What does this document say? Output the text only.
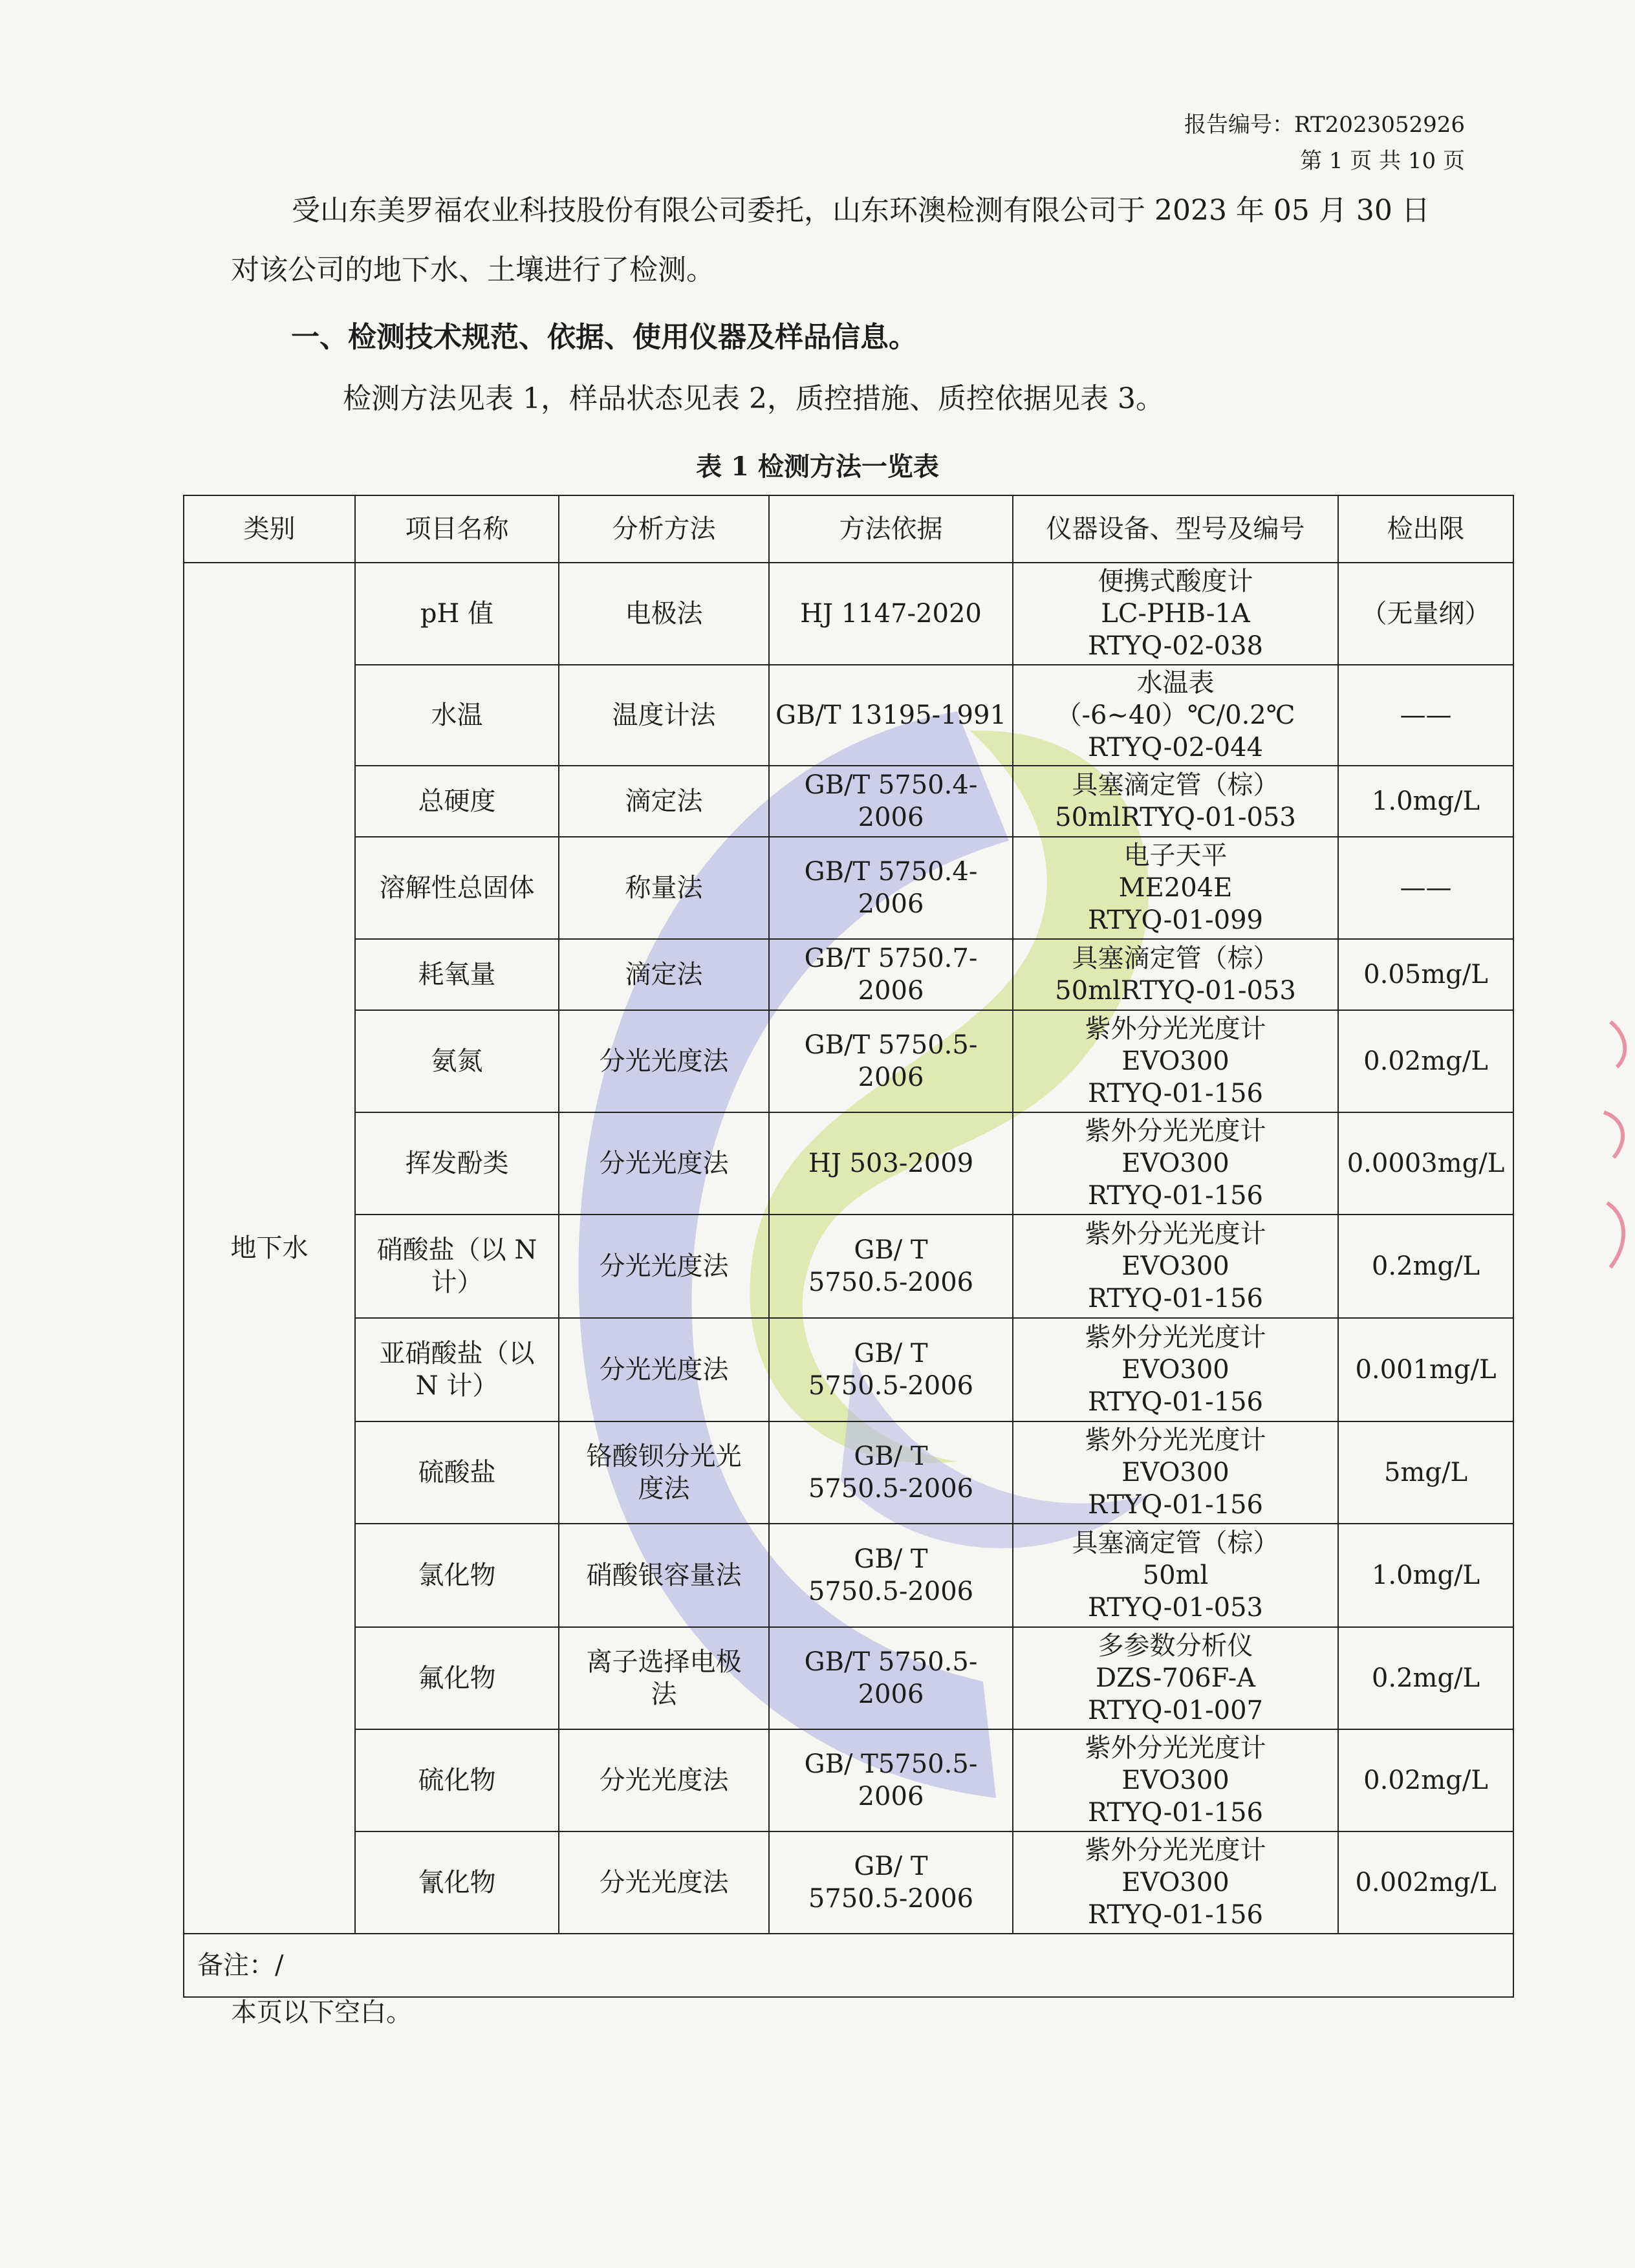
报告编号：RT2023052926
第 1 页 共 10 页
受山东美罗福农业科技股份有限公司委托，山东环澳检测有限公司于 2023 年 05 月 30 日对该公司的地下水、土壤进行了检测。
一、检测技术规范、依据、使用仪器及样品信息。
检测方法见表 1，样品状态见表 2，质控措施、质控依据见表 3。
表 1 检测方法一览表
类别	项目名称	分析方法	方法依据	仪器设备、型号及编号	检出限
地下水	pH 值	电极法	HJ 1147-2020	便携式酸度计
LC-PHB-1A
RTYQ-02-038	（无量纲）

	水温	温度计法	GB/T 13195-1991	水温表（-6~40）℃/0.2℃
RTYQ-02-044	——

	总硬度	滴定法	GB/T 5750.4-2006	具塞滴定管（棕）
50mlRTYQ-01-053	1.0mg/L

	溶解性总固体	称量法	GB/T 5750.4-2006	电子天平
ME204E
RTYQ-01-099	——

	耗氧量	滴定法	GB/T 5750.7-2006	具塞滴定管（棕）
50mlRTYQ-01-053	0.05mg/L

	氨氮	分光光度法	GB/T 5750.5-2006	紫外分光光度计
EVO300
RTYQ-01-156	0.02mg/L

	挥发酚类	分光光度法	HJ 503-2009	紫外分光光度计
EVO300
RTYQ-01-156	0.0003mg/L

	硝酸盐（以 N
计）	分光光度法	GB/ T
5750.5-2006	紫外分光光度计
EVO300
RTYQ-01-156	0.2mg/L

	亚硝酸盐（以
N 计）	分光光度法	GB/ T
5750.5-2006	紫外分光光度计
EVO300
RTYQ-01-156	0.001mg/L

	硫酸盐	铬酸钡分光光
度法	GB/ T
5750.5-2006	紫外分光光度计
EVO300
RTYQ-01-156	5mg/L

	氯化物	硝酸银容量法	GB/ T
5750.5-2006	具塞滴定管（棕）
50ml
RTYQ-01-053	1.0mg/L

	氟化物	离子选择电极
法	GB/T 5750.5-2006	多参数分析仪
DZS-706F-A
RTYQ-01-007	0.2mg/L

	硫化物	分光光度法	GB/ T5750.5-2006	紫外分光光度计
EVO300
RTYQ-01-156	0.02mg/L

	氰化物	分光光度法	GB/ T
5750.5-2006	紫外分光光度计
EVO300
RTYQ-01-156	0.002mg/L
备注：/					
本页以下空白。
